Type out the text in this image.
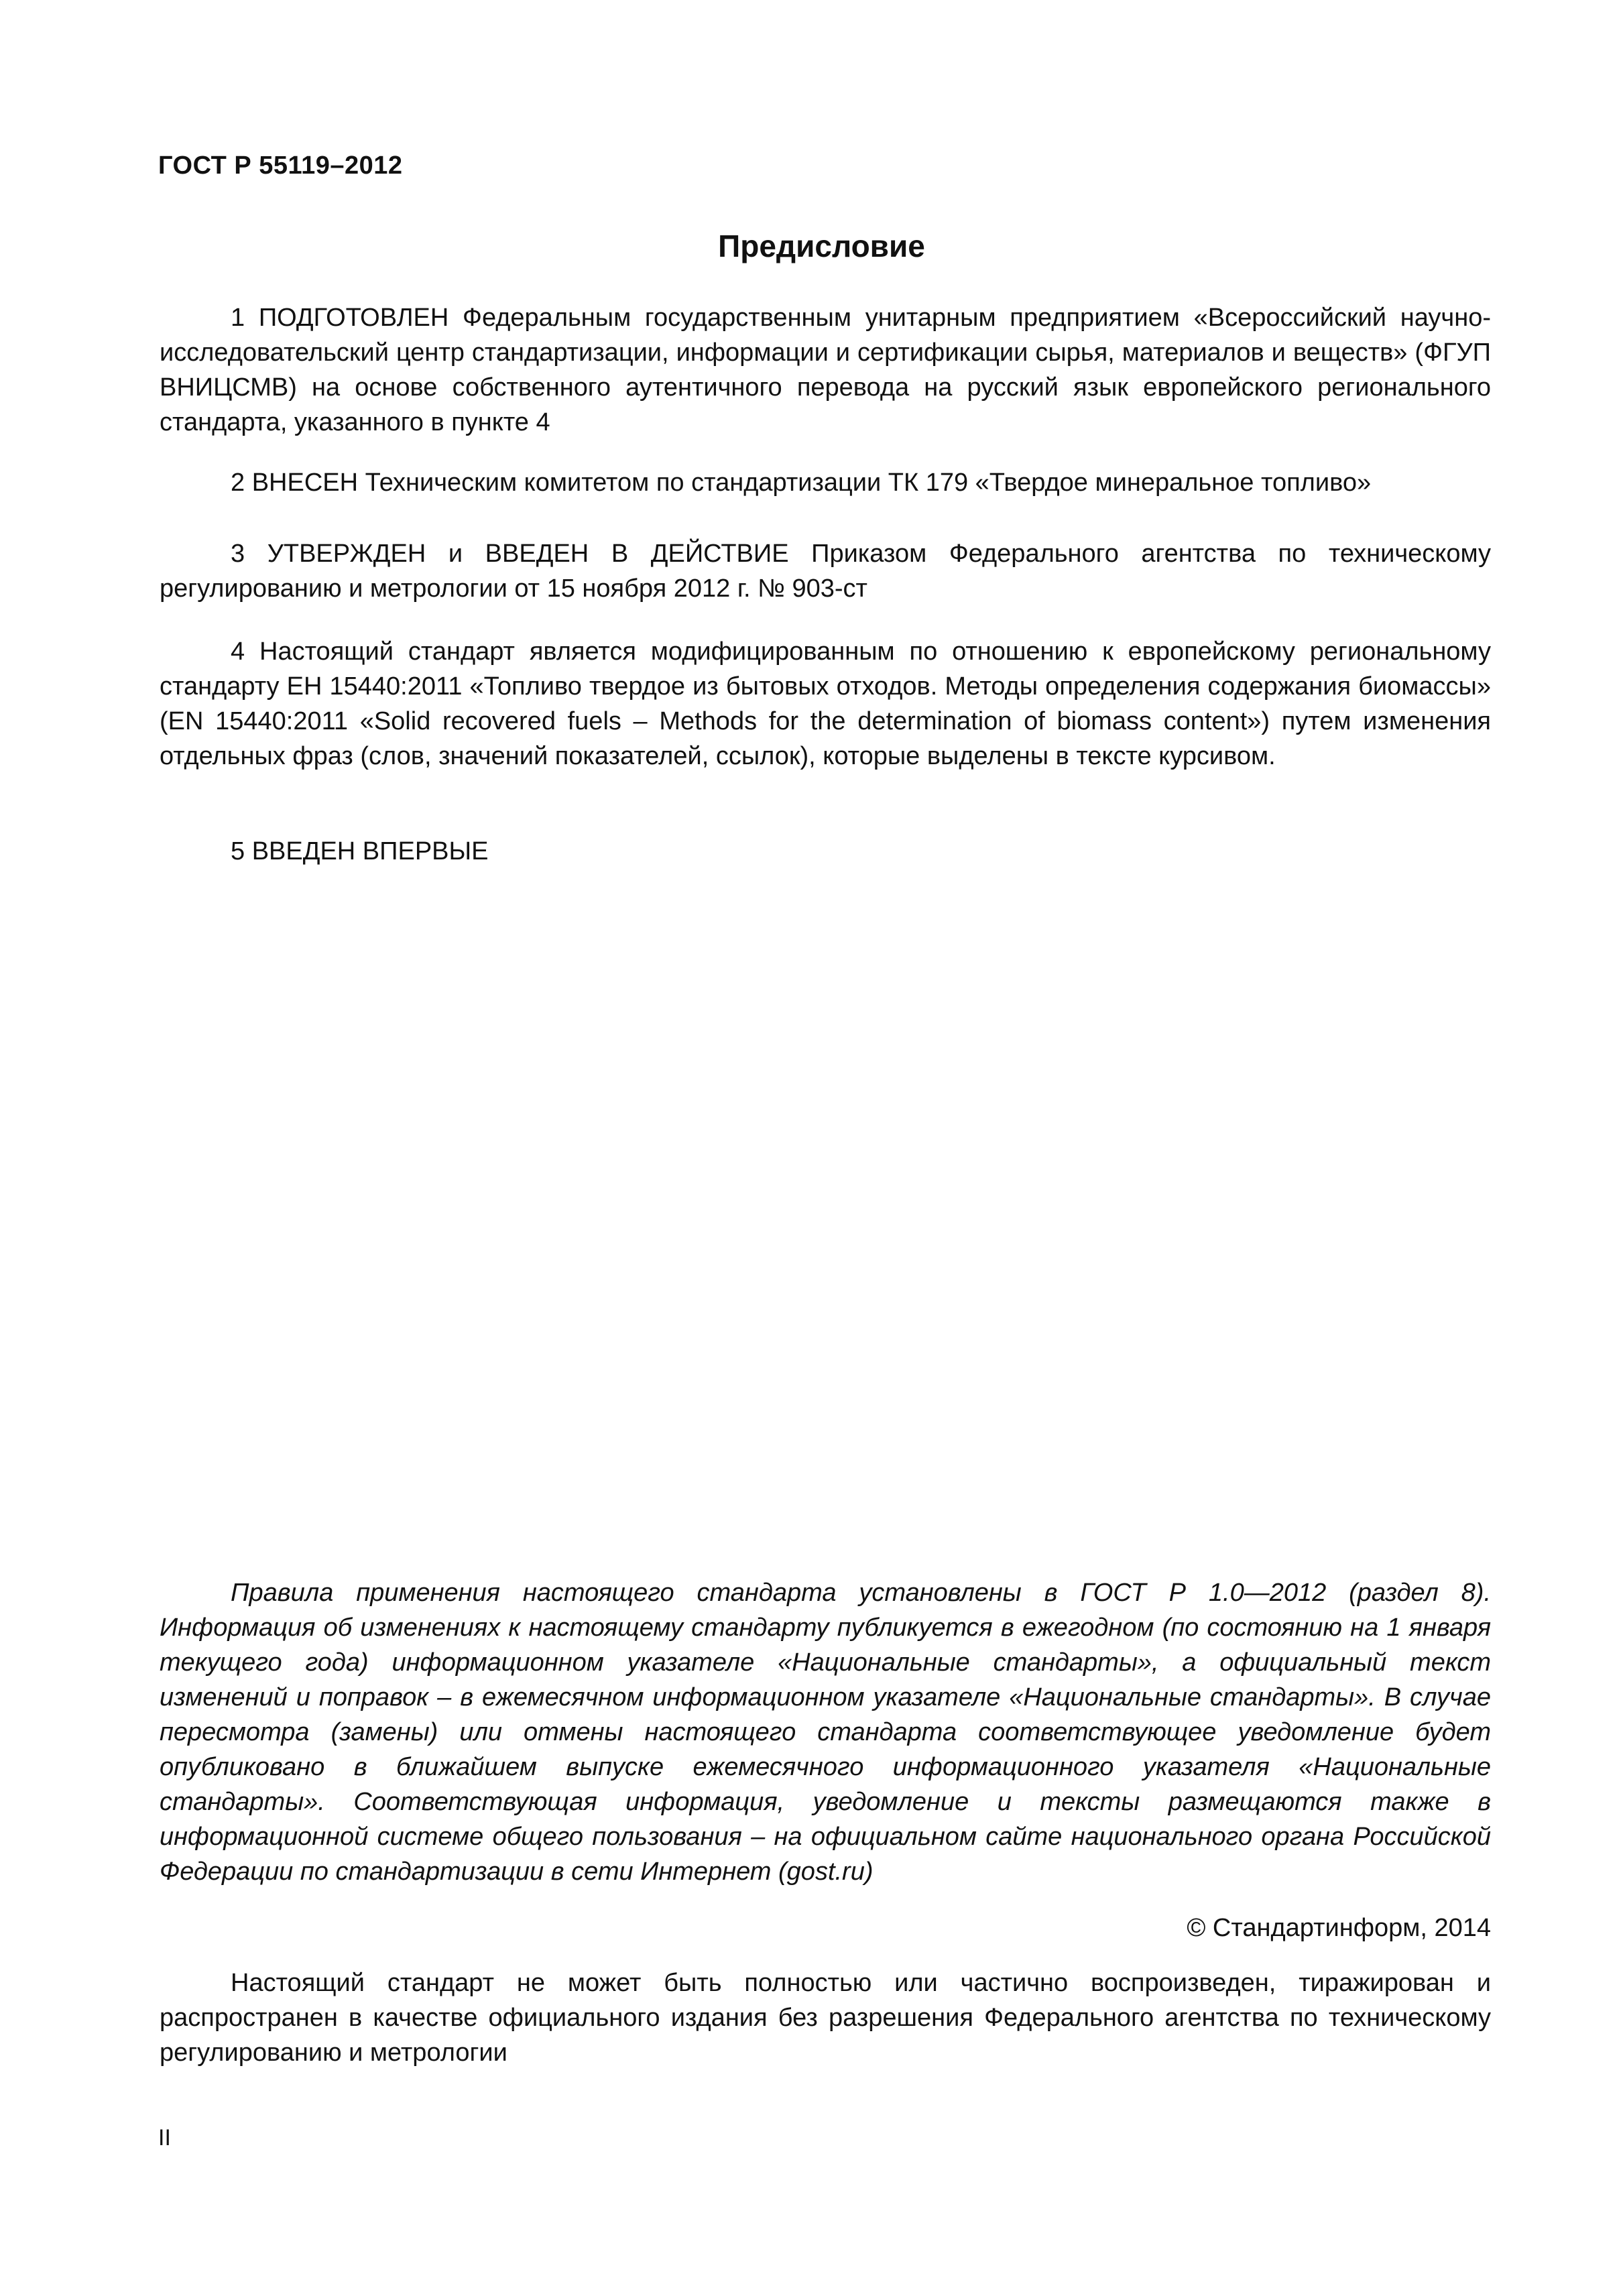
ГОСТ Р 55119–2012
Предисловие

1 ПОДГОТОВЛЕН Федеральным государственным унитарным предприятием «Всероссийский научно-исследовательский центр стандартизации, информации и сертификации сырья, материалов и веществ» (ФГУП ВНИЦСМВ) на основе собственного аутентичного перевода на русский язык европейского регионального стандарта, указанного в пункте 4

2 ВНЕСЕН Техническим комитетом по стандартизации ТК 179 «Твердое минеральное топливо»

3 УТВЕРЖДЕН и ВВЕДЕН В ДЕЙСТВИЕ Приказом Федерального агентства по техническому регулированию и метрологии от 15 ноября 2012 г. № 903-ст

4 Настоящий стандарт является модифицированным по отношению к европейскому региональному стандарту ЕН 15440:2011 «Топливо твердое из бытовых отходов. Методы определения содержания биомассы» (EN 15440:2011 «Solid recovered fuels – Methods for the determination of biomass content») путем изменения отдельных фраз (слов, значений показателей, ссылок), которые выделены в тексте курсивом.

5 ВВЕДЕН ВПЕРВЫЕ

Правила применения настоящего стандарта установлены в ГОСТ Р 1.0—2012 (раздел 8). Информация об изменениях к настоящему стандарту публикуется в ежегодном (по состоянию на 1 января текущего года) информационном указателе «Национальные стандарты», а официальный текст изменений и поправок – в ежемесячном информационном указателе «Национальные стандарты». В случае пересмотра (замены) или отмены настоящего стандарта соответствующее уведомление будет опубликовано в ближайшем выпуске ежемесячного информационного указателя «Национальные стандарты». Соответствующая информация, уведомление и тексты размещаются также в информационной системе общего пользования – на официальном сайте национального органа Российской Федерации по стандартизации в сети Интернет (gost.ru)

© Стандартинформ, 2014

Настоящий стандарт не может быть полностью или частично воспроизведен, тиражирован и распространен в качестве официального издания без разрешения Федерального агентства по техническому регулированию и метрологии

II
